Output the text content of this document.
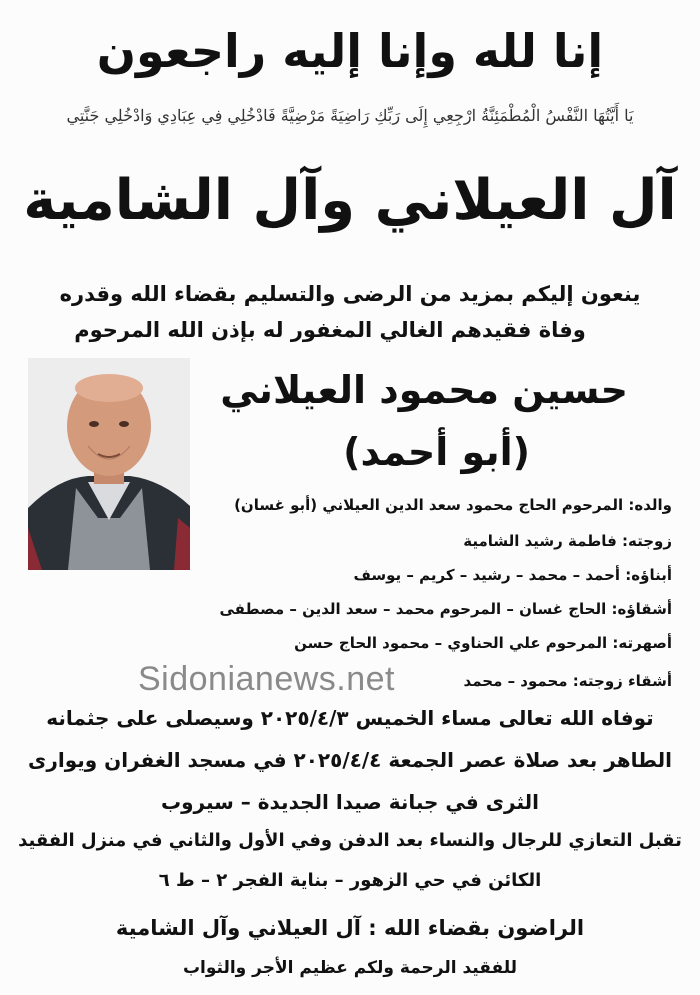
إنا لله وإنا إليه راجعون
يَا أَيَّتُهَا النَّفْسُ الْمُطْمَئِنَّةُ ارْجِعِي إِلَى رَبِّكِ رَاضِيَةً مَرْضِيَّةً فَادْخُلِي فِي عِبَادِي وَادْخُلِي جَنَّتِي
آل العيلاني وآل الشامية
ينعون إليكم بمزيد من الرضى والتسليم بقضاء الله وقدره
وفاة فقيدهم الغالي المغفور له بإذن الله المرحوم
حسين محمود العيلاني
(أبو أحمد)
والده: المرحوم الحاج محمود سعد الدين العيلاني (أبو غسان)
زوجته: فاطمة رشيد الشامية
أبناؤه: أحمد – محمد – رشيد – كريم – يوسف
أشقاؤه: الحاج غسان – المرحوم محمد – سعد الدين – مصطفى
أصهرته: المرحوم علي الحناوي – محمود الحاج حسن
أشقاء زوجته: محمود – محمد
Sidonianews.net
توفاه الله تعالى مساء الخميس ٢٠٢٥/٤/٣ وسيصلى على جثمانه
الطاهر بعد صلاة عصر الجمعة ٢٠٢٥/٤/٤ في مسجد الغفران ويوارى
الثرى في جبانة صيدا الجديدة – سيروب
تقبل التعازي للرجال والنساء بعد الدفن وفي الأول والثاني في منزل الفقيد
الكائن في حي الزهور – بناية الفجر ٢ – ط ٦
الراضون بقضاء الله : آل العيلاني وآل الشامية
للفقيد الرحمة ولكم عظيم الأجر والثواب
